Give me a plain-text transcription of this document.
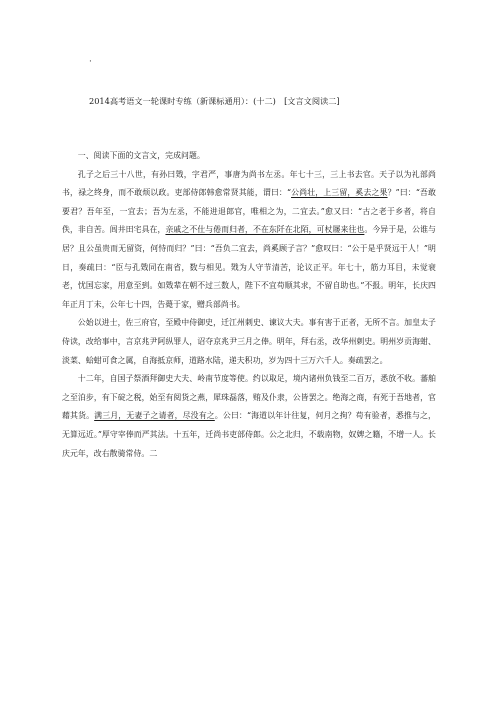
·
2014高考语文一轮课时专练（新课标通用）：(十二)　[文言文阅读二]

一、阅读下面的文言文，完成问题。

孔子之后三十八世，有孙曰戣，字君严，事唐为尚书左丞。年七十三，三上书去官。天子以为礼部尚书，禄之终身，而不敢烦以政。吏部侍郎韩愈常贤其能，谓曰：“公尚壮，上三留，奚去之果？”曰：“吾敢要君？吾年至，一宜去；吾为左丞，不能进退郎官，唯相之为，二宜去。”愈又曰：“古之老于乡者，将自佚，非自苦。闾井田宅具在，亲戚之不仕与倦而归者，不在东阡在北陌，可杖屦来往也。今异于是，公谁与居？且公虽贵而无留资，何恃而归？”曰：“吾负二宜去，尚奚顾子言？”愈叹曰：“公于是乎贤远于人！”明日，奏疏曰：“臣与孔戣同在南省，数与相见。戣为人守节清苦，论议正平。年七十，筋力耳目，未觉衰老，忧国忘家，用意至到。如戣辈在朝不过三数人，陛下不宜苟顺其求，不留自助也。”不报。明年，长庆四年正月丁未，公年七十四，告薨于家，赠兵部尚书。

公始以进士，佐三府官，至殿中侍御史，迁江州刺史、谏议大夫。事有害于正者，无所不言。加皇太子侍读，改给事中，言京兆尹阿纵罪人，诏夺京兆尹三月之俸。明年，拜右丞，改华州刺史。明州岁贡海蚶、淡菜、蛤蚶可食之属，自海抵京师，道路水陆，递夫积功，岁为四十三万六千人。奏疏罢之。

十二年，自国子祭酒拜御史大夫、岭南节度等使。约以取足，境内诸州负钱至二百万，悉放不收。蕃舶之至泊步，有下碇之税，始至有阅货之燕，犀珠磊落，贿及仆隶，公皆罢之。绝海之商，有死于吾地者，官藉其货。满三月，无妻子之请者，尽没有之。公曰：“海道以年计往复，何月之拘？苟有验者，悉推与之，无算远近。”厚守宰俸而严其法。十五年，迁尚书吏部侍郎。公之北归，不载南物，奴婢之籍，不增一人。长庆元年，改右散骑常侍。二
